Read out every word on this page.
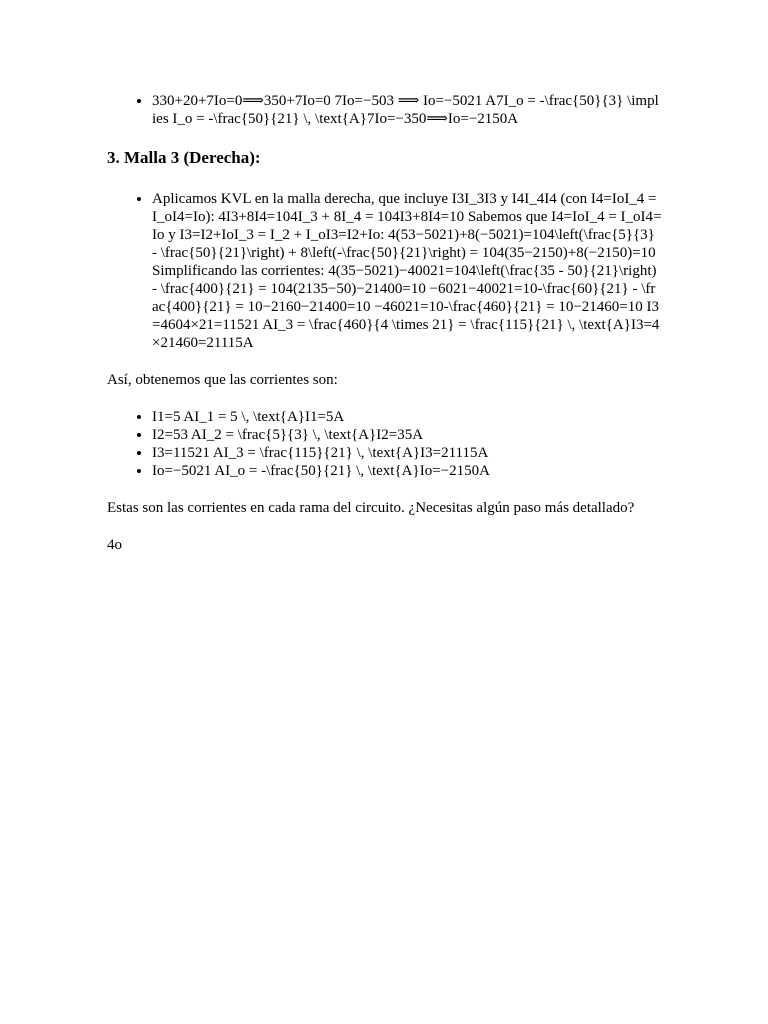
• 330+20+7Io=0⟹350+7Io=0 7Io=−503 ⟹ Io=−5021 A7I_o = -\frac{50}{3} \implies I_o = -\frac{50}{21} \, \text{A}7Io=−350⟹Io=−2150A
3. Malla 3 (Derecha):
• Aplicamos KVL en la malla derecha, que incluye I3I_3I3 y I4I_4I4 (con I4=IoI_4 = I_oI4=Io): 4I3+8I4=104I_3 + 8I_4 = 104I3+8I4=10 Sabemos que I4=IoI_4 = I_oI4=Io y I3=I2+IoI_3 = I_2 + I_oI3=I2+Io: 4(53−5021)+8(−5021)=104\left(\frac{5}{3} - \frac{50}{21}\right) + 8\left(-\frac{50}{21}\right) = 104(35−2150)+8(−2150)=10 Simplificando las corrientes: 4(35−5021)−40021=104\left(\frac{35 - 50}{21}\right) - \frac{400}{21} = 104(2135−50)−21400=10 −6021−40021=10-\frac{60}{21} - \frac{400}{21} = 10−2160−21400=10 −46021=10-\frac{460}{21} = 10−21460=10 I3=4604×21=11521 AI_3 = \frac{460}{4 \times 21} = \frac{115}{21} \, \text{A}I3=4×21460=21115A

Así, obtenemos que las corrientes son:

• I1=5 AI_1 = 5 \, \text{A}I1=5A
• I2=53 AI_2 = \frac{5}{3} \, \text{A}I2=35A
• I3=11521 AI_3 = \frac{115}{21} \, \text{A}I3=21115A
• Io=−5021 AI_o = -\frac{50}{21} \, \text{A}Io=−2150A

Estas son las corrientes en cada rama del circuito. ¿Necesitas algún paso más detallado?

4o
